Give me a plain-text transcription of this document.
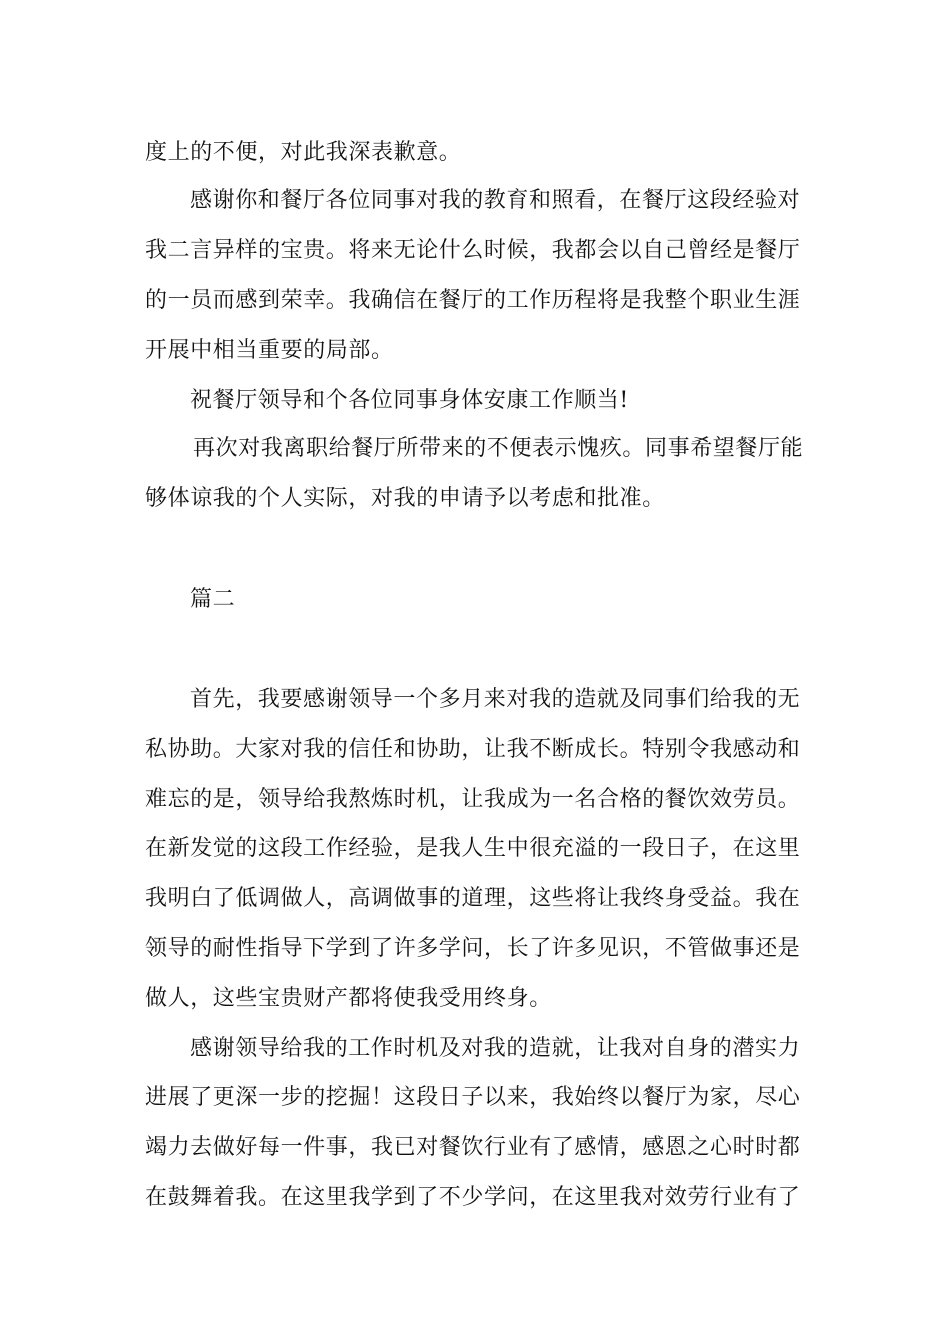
度上的不便，对此我深表歉意。
感谢你和餐厅各位同事对我的教育和照看，在餐厅这段经验对
我二言异样的宝贵。将来无论什么时候，我都会以自己曾经是餐厅
的一员而感到荣幸。我确信在餐厅的工作历程将是我整个职业生涯
开展中相当重要的局部。
祝餐厅领导和个各位同事身体安康工作顺当!
再次对我离职给餐厅所带来的不便表示愧疚。同事希望餐厅能
够体谅我的个人实际，对我的申请予以考虑和批准。
篇二
首先，我要感谢领导一个多月来对我的造就及同事们给我的无
私协助。大家对我的信任和协助，让我不断成长。特别令我感动和
难忘的是，领导给我熬炼时机，让我成为一名合格的餐饮效劳员。
在新发觉的这段工作经验，是我人生中很充溢的一段日子，在这里
我明白了低调做人，高调做事的道理，这些将让我终身受益。我在
领导的耐性指导下学到了许多学问，长了许多见识，不管做事还是
做人，这些宝贵财产都将使我受用终身。
感谢领导给我的工作时机及对我的造就，让我对自身的潜实力
进展了更深一步的挖掘！这段日子以来，我始终以餐厅为家，尽心
竭力去做好每一件事，我已对餐饮行业有了感情，感恩之心时时都
在鼓舞着我。在这里我学到了不少学问，在这里我对效劳行业有了
